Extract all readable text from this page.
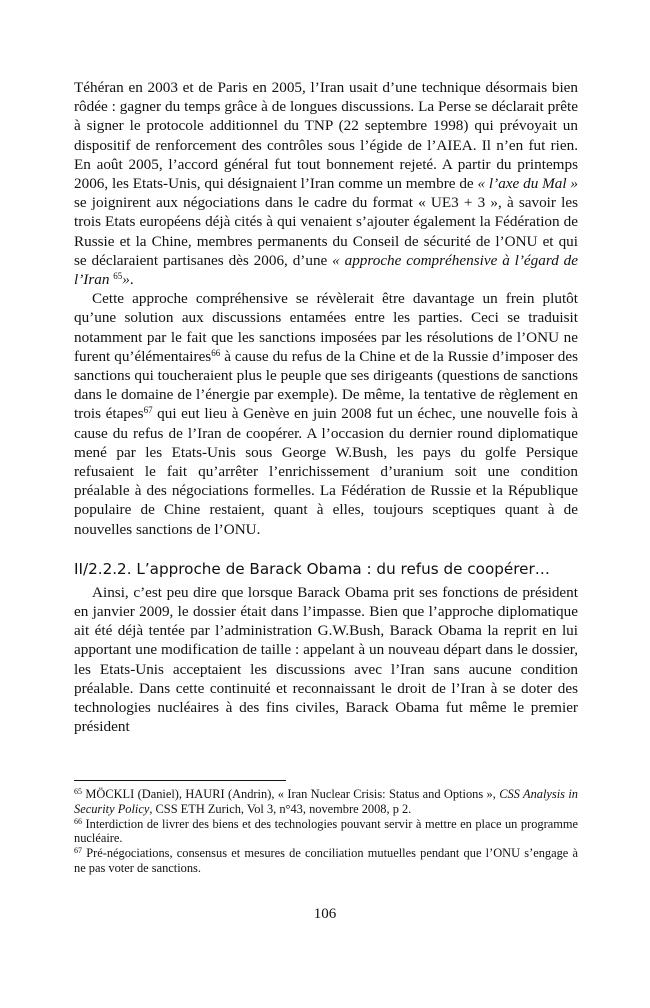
Téhéran en 2003 et de Paris en 2005, l’Iran usait d’une technique désormais bien rôdée : gagner du temps grâce à de longues discussions. La Perse se déclarait prête à signer le protocole additionnel du TNP (22 septembre 1998) qui prévoyait un dispositif de renforcement des contrôles sous l’égide de l’AIEA. Il n’en fut rien. En août 2005, l’accord général fut tout bonnement rejeté. A partir du printemps 2006, les Etats-Unis, qui désignaient l’Iran comme un membre de « l’axe du Mal » se joignirent aux négociations dans le cadre du format « UE3 + 3 », à savoir les trois Etats européens déjà cités à qui venaient s’ajouter également la Fédération de Russie et la Chine, membres permanents du Conseil de sécurité de l’ONU et qui se déclaraient partisanes dès 2006, d’une « approche compréhensive à l’égard de l’Iran $^{65}$».

Cette approche compréhensive se révèlerait être davantage un frein plutôt qu’une solution aux discussions entamées entre les parties. Ceci se traduisit notamment par le fait que les sanctions imposées par les résolutions de l’ONU ne furent qu’élémentaires$^{66}$ à cause du refus de la Chine et de la Russie d’imposer des sanctions qui toucheraient plus le peuple que ses dirigeants (questions de sanctions dans le domaine de l’énergie par exemple). De même, la tentative de règlement en trois étapes$^{67}$ qui eut lieu à Genève en juin 2008 fut un échec, une nouvelle fois à cause du refus de l’Iran de coopérer. A l’occasion du dernier round diplomatique mené par les Etats-Unis sous George W.Bush, les pays du golfe Persique refusaient le fait qu’arrêter l’enrichissement d’uranium soit une condition préalable à des négociations formelles. La Fédération de Russie et la République populaire de Chine restaient, quant à elles, toujours sceptiques quant à de nouvelles sanctions de l’ONU.

II/2.2.2. L’approche de Barack Obama : du refus de coopérer…

Ainsi, c’est peu dire que lorsque Barack Obama prit ses fonctions de président en janvier 2009, le dossier était dans l’impasse. Bien que l’approche diplomatique ait été déjà tentée par l’administration G.W.Bush, Barack Obama la reprit en lui apportant une modification de taille : appelant à un nouveau départ dans le dossier, les Etats-Unis acceptaient les discussions avec l’Iran sans aucune condition préalable. Dans cette continuité et reconnaissant le droit de l’Iran à se doter des technologies nucléaires à des fins civiles, Barack Obama fut même le premier président

$^{65}$ MÖCKLI (Daniel), HAURI (Andrin), « Iran Nuclear Crisis: Status and Options », CSS Analysis in Security Policy, CSS ETH Zurich, Vol 3, n°43, novembre 2008, p 2.

$^{66}$ Interdiction de livrer des biens et des technologies pouvant servir à mettre en place un programme nucléaire.

$^{67}$ Pré-négociations, consensus et mesures de conciliation mutuelles pendant que l’ONU s’engage à ne pas voter de sanctions.

106
